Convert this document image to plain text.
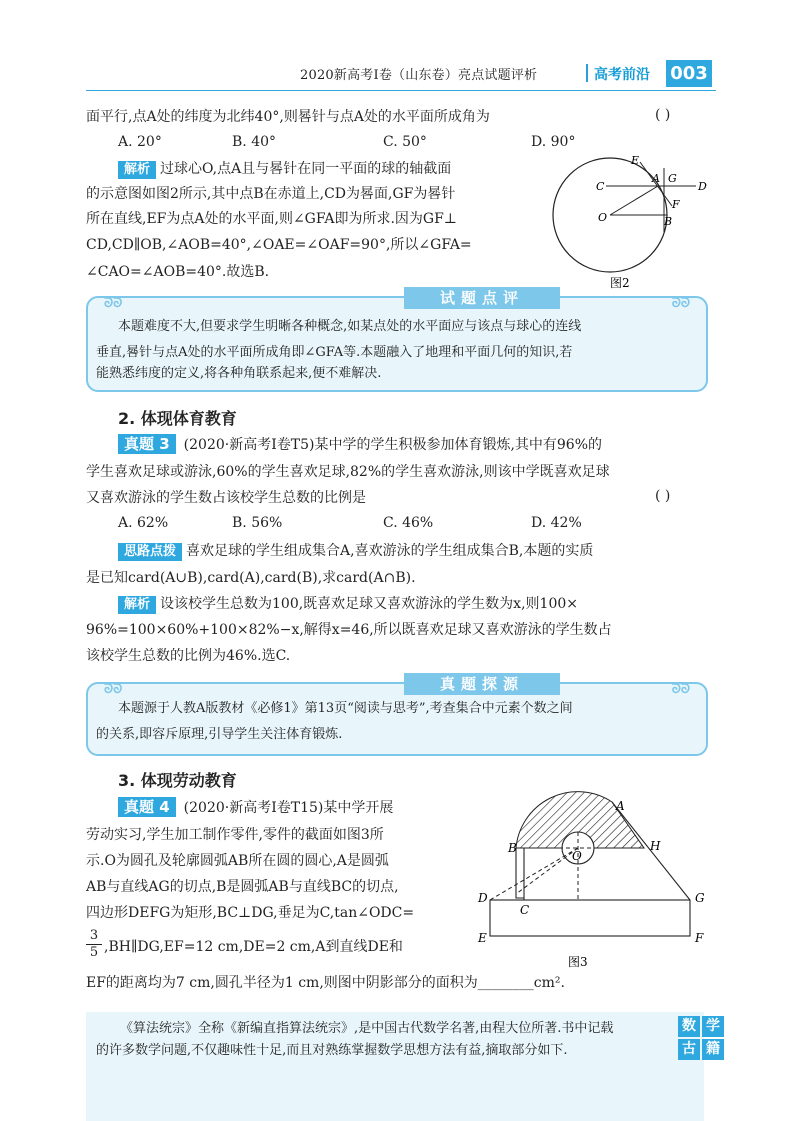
2020新高考Ⅰ卷（山东卷）亮点试题评析	高考前沿 003
面平行,点A处的纬度为北纬40°,则晷针与点A处的水平面所成角为	( )
A. 20°	B. 40°	C. 50°	D. 90°
解析 过球心O,点A且与晷针在同一平面的球的轴截面
的示意图如图2所示,其中点B在赤道上,CD为晷面,GF为晷针
所在直线,EF为点A处的水平面,则∠GFA即为所求.因为GF⊥
CD,CD∥OB,∠AOB=40°,∠OAE=∠OAF=90°,所以∠GFA=
∠CAO=∠AOB=40°.故选B.
E
A G
C	D
F
O	B
图2
ᘐᘐ	ᘐᘐ
试题点评
本题难度不大,但要求学生明晰各种概念,如某点处的水平面应与该点与球心的连线
垂直,晷针与点A处的水平面所成角即∠GFA等.本题融入了地理和平面几何的知识,若
能熟悉纬度的定义,将各种角联系起来,便不难解决.
2. 体现体育教育
真题 3 (2020·新高考Ⅰ卷T5)某中学的学生积极参加体育锻炼,其中有96%的
学生喜欢足球或游泳,60%的学生喜欢足球,82%的学生喜欢游泳,则该中学既喜欢足球
又喜欢游泳的学生数占该校学生总数的比例是	( )
A. 62%	B. 56%	C. 46%	D. 42%
思路点拨 喜欢足球的学生组成集合A,喜欢游泳的学生组成集合B,本题的实质
是已知card(A∪B),card(A),card(B),求card(A∩B).
解析 设该校学生总数为100,既喜欢足球又喜欢游泳的学生数为x,则100×
96%=100×60%+100×82%−x,解得x=46,所以既喜欢足球又喜欢游泳的学生数占
该校学生总数的比例为46%.选C.
ᘐᘐ	ᘐᘐ
真题探源
本题源于人教A版教材《必修1》第13页“阅读与思考”,考查集合中元素个数之间
的关系,即容斥原理,引导学生关注体育锻炼.
3. 体现劳动教育
真题 4 (2020·新高考Ⅰ卷T15)某中学开展
劳动实习,学生加工制作零件,零件的截面如图3所
示.O为圆孔及轮廓圆弧AB所在圆的圆心,A是圆弧
AB与直线AG的切点,B是圆弧AB与直线BC的切点,
四边形DEFG为矩形,BC⊥DG,垂足为C,tan∠ODC=
$\frac{3}{5}$ ,BH∥DG,EF=12 cm,DE=2 cm,A到直线DE和
EF的距离均为7 cm,圆孔半径为1 cm,则图中阴影部分的面积为________cm².
A
B	H
O
D
C
G
E	F
图3
《算法统宗》全称《新编直指算法统宗》,是中国古代数学名著,由程大位所著.书中记载
的许多数学问题,不仅趣味性十足,而且对熟练掌握数学思想方法有益,摘取部分如下.
数 学
古 籍
